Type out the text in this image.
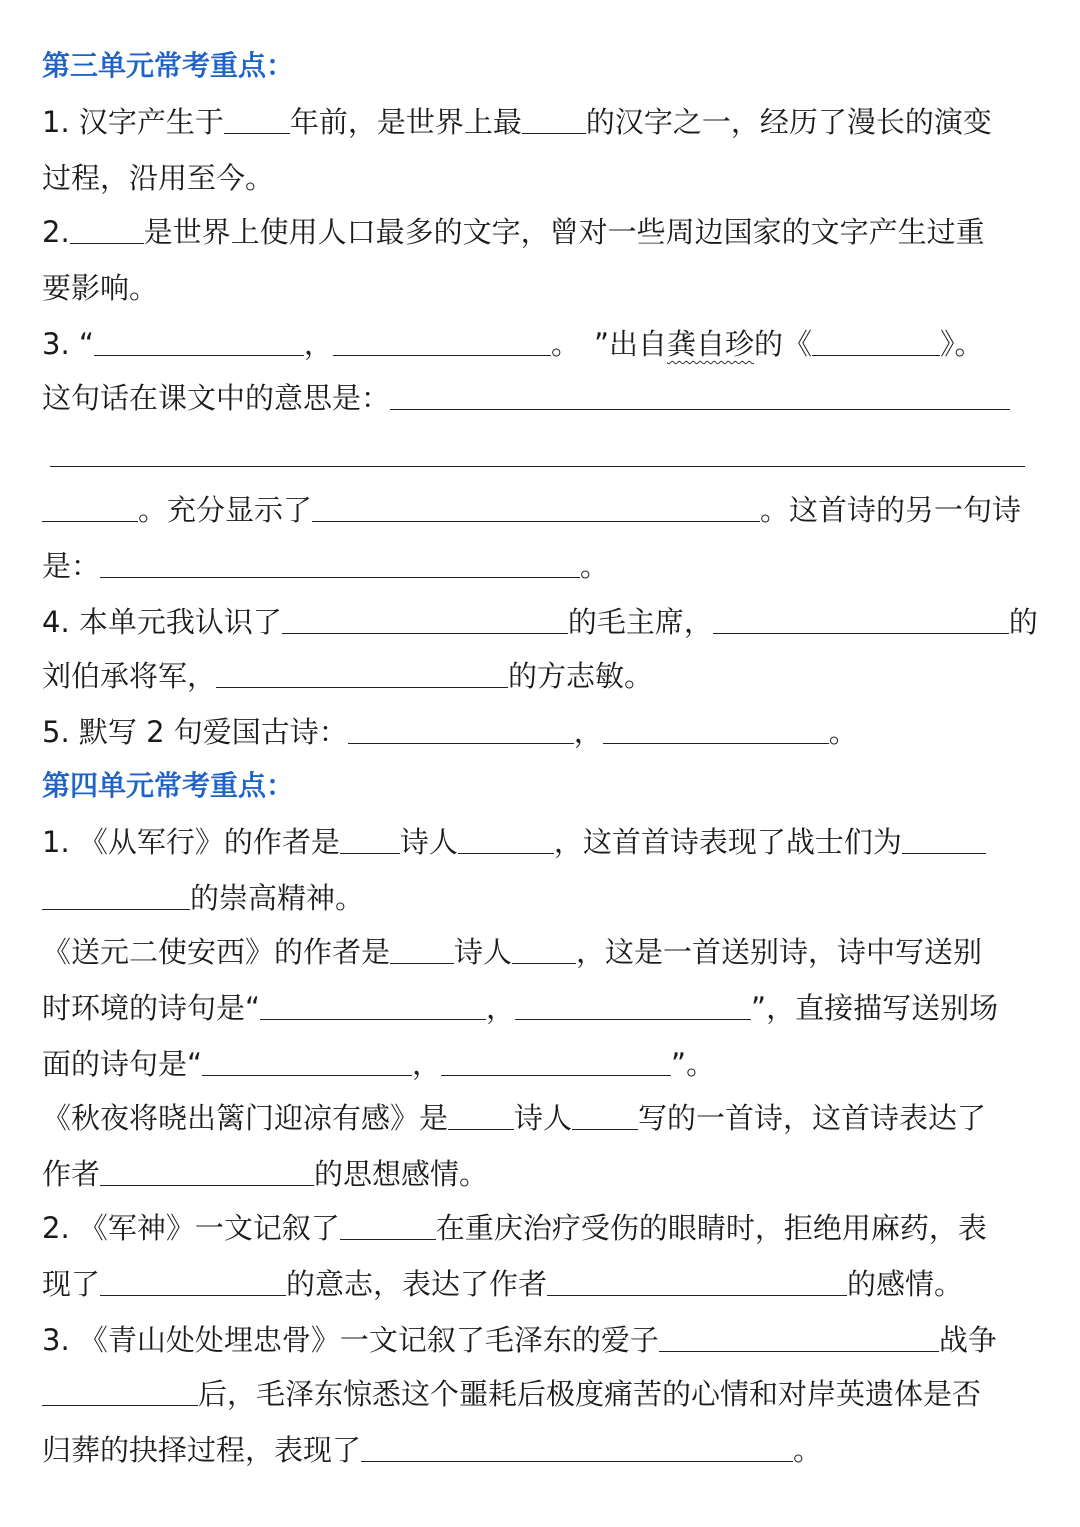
第三单元常考重点：
1. 汉字产生于 年前，是世界上最 的汉字之一，经历了漫长的演变
过程，沿用至今。
2.	是世界上使用人口最多的文字，曾对一些周边国家的文字产生过重
要影响。
3. “	，	。 ”出自龚自珍的《	》。
这句话在课文中的意思是：
。充分显示了	。这首诗的另一句诗
是：	。
4. 本单元我认识了	的毛主席，	的
刘伯承将军，	的方志敏。
5. 默写 2 句爱国古诗：	，	。
第四单元常考重点：
1. 《从军行》的作者是 诗人	，这首首诗表现了战士们为
的崇高精神。
《送元二使安西》的作者是 诗人 ，这是一首送别诗，诗中写送别
时环境的诗句是“	，	”，直接描写送别场
面的诗句是“	，	”。
《秋夜将晓出篱门迎凉有感》是 诗人 写的一首诗，这首诗表达了
作者	的思想感情。
2. 《军神》一文记叙了	在重庆治疗受伤的眼睛时，拒绝用麻药，表
现了	的意志，表达了作者	的感情。
3. 《青山处处埋忠骨》一文记叙了毛泽东的爱子	战争
后，毛泽东惊悉这个噩耗后极度痛苦的心情和对岸英遗体是否
归葬的抉择过程，表现了	。
